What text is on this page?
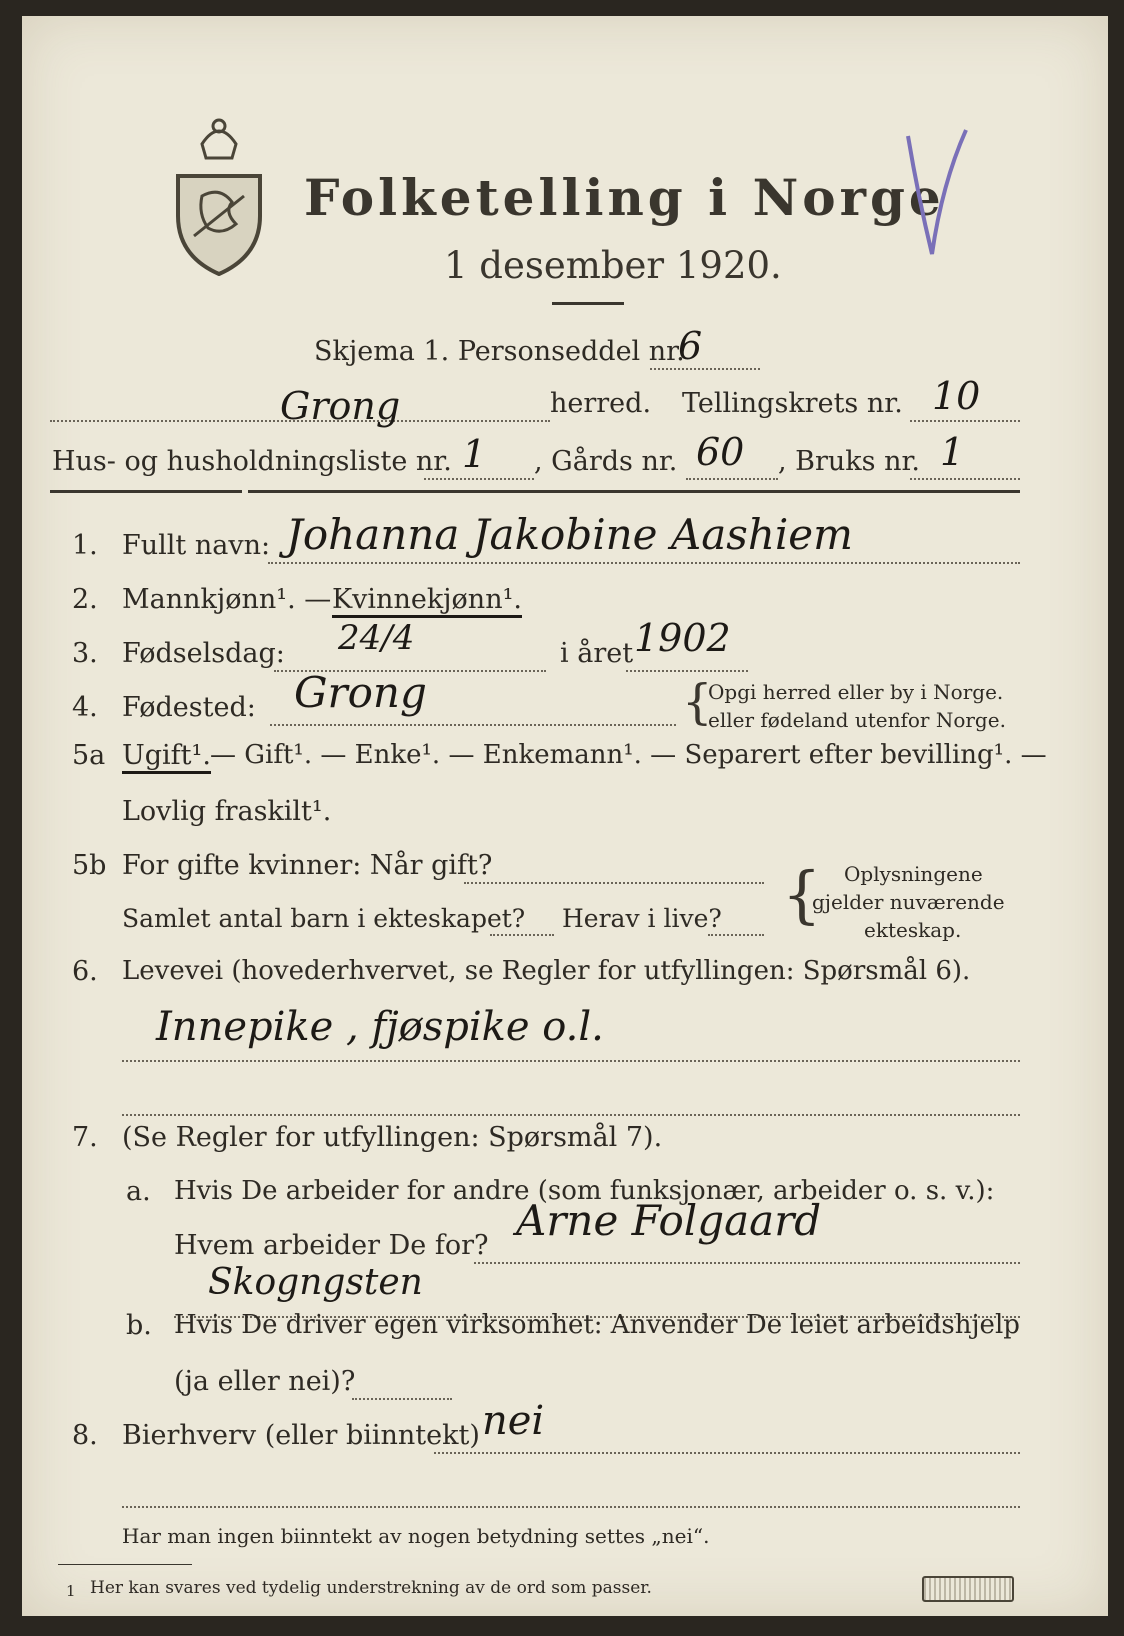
Folketelling i Norge
1 desember 1920.
Skjema 1. Personseddel nr.
6
Grong	herred. Tellingskrets nr. 10
Hus- og husholdningsliste nr. 1 , Gårds nr. 60 , Bruks nr. 1
1. Fullt navn: Johanna Jakobine Aashiem
2. Mannkjønn¹. — Kvinnekjønn¹.
3. Fødselsdag: 24/4	i året 1902
4. Fødested: Grong	{
Opgi herred eller by i Norge.
eller fødeland utenfor Norge.
5a Ugift¹. — Gift¹. — Enke¹. — Enkemann¹. — Separert efter bevilling¹. —
Lovlig fraskilt¹.
5b For gifte kvinner: Når gift?
Samlet antal barn i ekteskapet? Herav i live? { Oplysningene
gjelder nuværende
ekteskap.
6. Levevei (hovederhvervet, se Regler for utfyllingen: Spørsmål 6).
Innepike , fjøspike o.l.
7. (Se Regler for utfyllingen: Spørsmål 7).
a. Hvis De arbeider for andre (som funksjonær, arbeider o. s. v.):
Hvem arbeider De for?
Arne Folgaard
Skogngsten
b. Hvis De driver egen virksomhet: Anvender De leiet arbeidshjelp
(ja eller nei)?
8. Bierhverv (eller biinntekt) nei
Har man ingen biinntekt av nogen betydning settes „nei“.
1 Her kan svares ved tydelig understrekning av de ord som passer.
